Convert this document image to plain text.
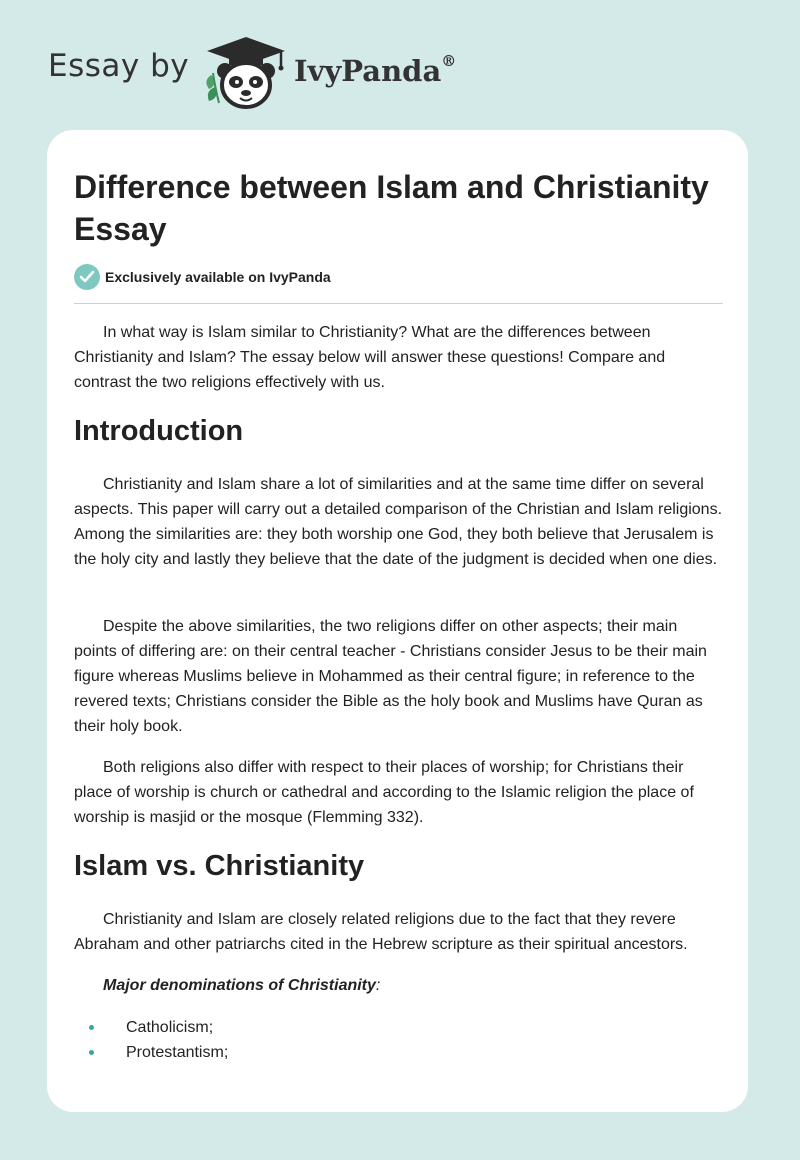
Essay by	IvyPanda®
Difference between Islam and Christianity Essay
Exclusively available on IvyPanda

In what way is Islam similar to Christianity? What are the differences between Christianity and Islam? The essay below will answer these questions! Compare and contrast the two religions effectively with us.

Introduction

Christianity and Islam share a lot of similarities and at the same time differ on several aspects. This paper will carry out a detailed comparison of the Christian and Islam religions. Among the similarities are: they both worship one God, they both believe that Jerusalem is the holy city and lastly they believe that the date of the judgment is decided when one dies.

Despite the above similarities, the two religions differ on other aspects; their main points of differing are: on their central teacher - Christians consider Jesus to be their main figure whereas Muslims believe in Mohammed as their central figure; in reference to the revered texts; Christians consider the Bible as the holy book and Muslims have Quran as their holy book.

Both religions also differ with respect to their places of worship; for Christians their place of worship is church or cathedral and according to the Islamic religion the place of worship is masjid or the mosque (Flemming 332).

Islam vs. Christianity

Christianity and Islam are closely related religions due to the fact that they revere Abraham and other patriarchs cited in the Hebrew scripture as their spiritual ancestors.

Major denominations of Christianity:

Catholicism;
Protestantism;
